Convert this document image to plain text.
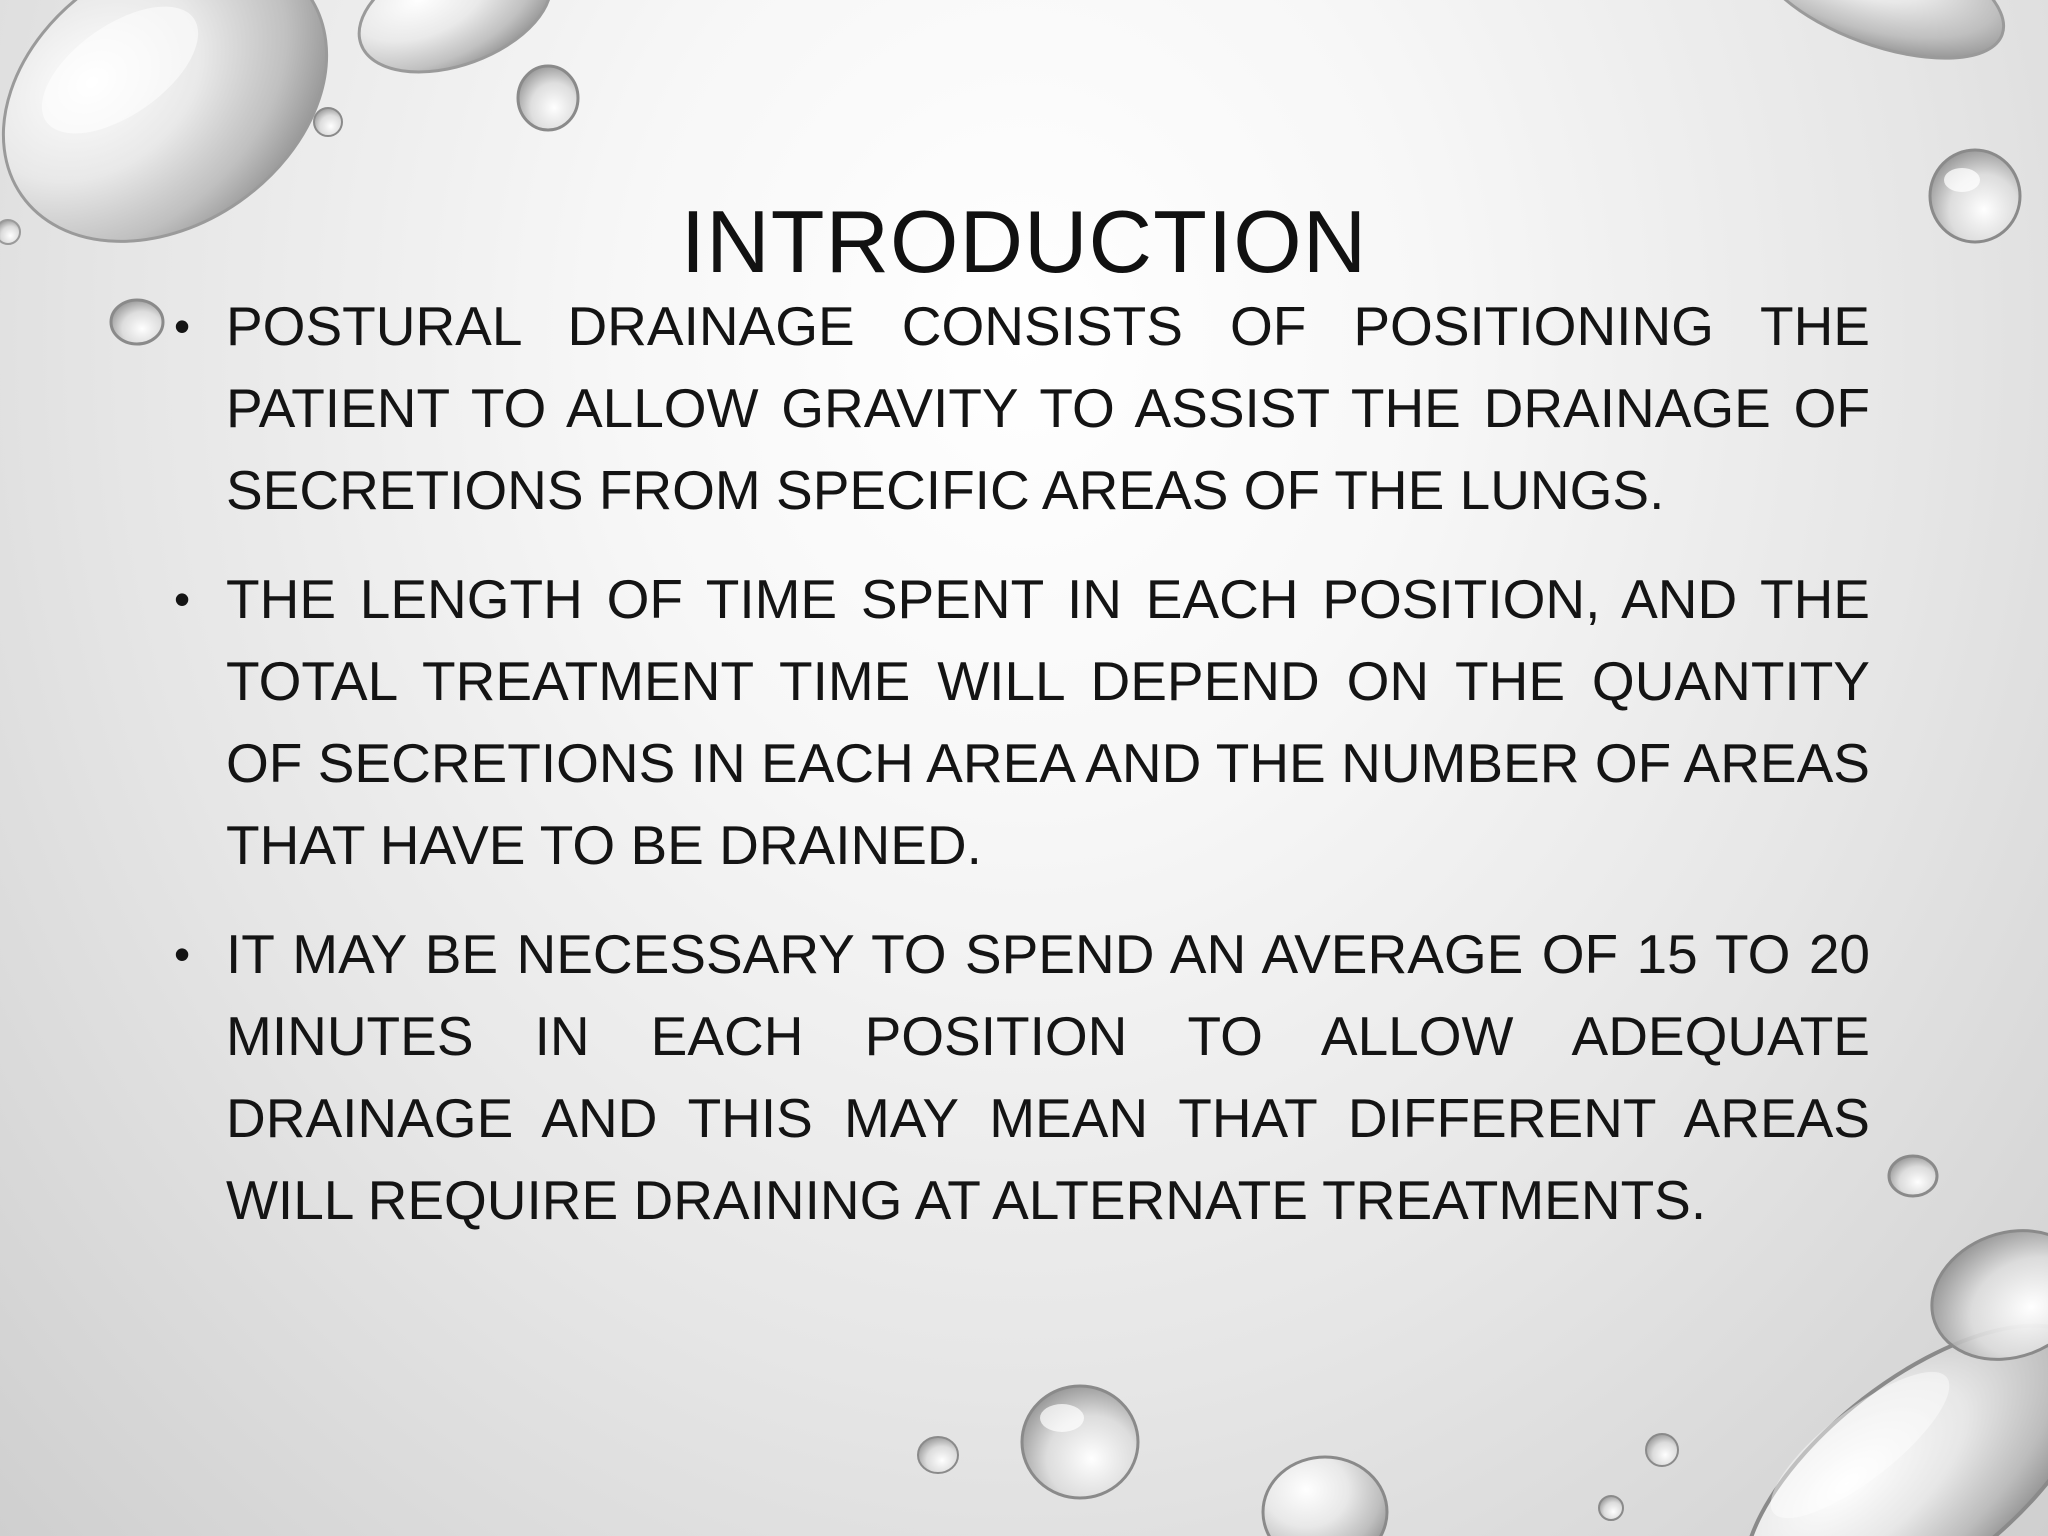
INTRODUCTION
• POSTURAL DRAINAGE CONSISTS OF POSITIONING THE PATIENT TO ALLOW GRAVITY TO ASSIST THE DRAINAGE OF SECRETIONS FROM SPECIFIC AREAS OF THE LUNGS.
• THE LENGTH OF TIME SPENT IN EACH POSITION, AND THE TOTAL TREATMENT TIME WILL DEPEND ON THE QUANTITY OF SECRETIONS IN EACH AREA AND THE NUMBER OF AREAS THAT HAVE TO BE DRAINED.
• IT MAY BE NECESSARY TO SPEND AN AVERAGE OF 15 TO 20 MINUTES IN EACH POSITION TO ALLOW ADEQUATE DRAINAGE AND THIS MAY MEAN THAT DIFFERENT AREAS WILL REQUIRE DRAINING AT ALTERNATE TREATMENTS.
